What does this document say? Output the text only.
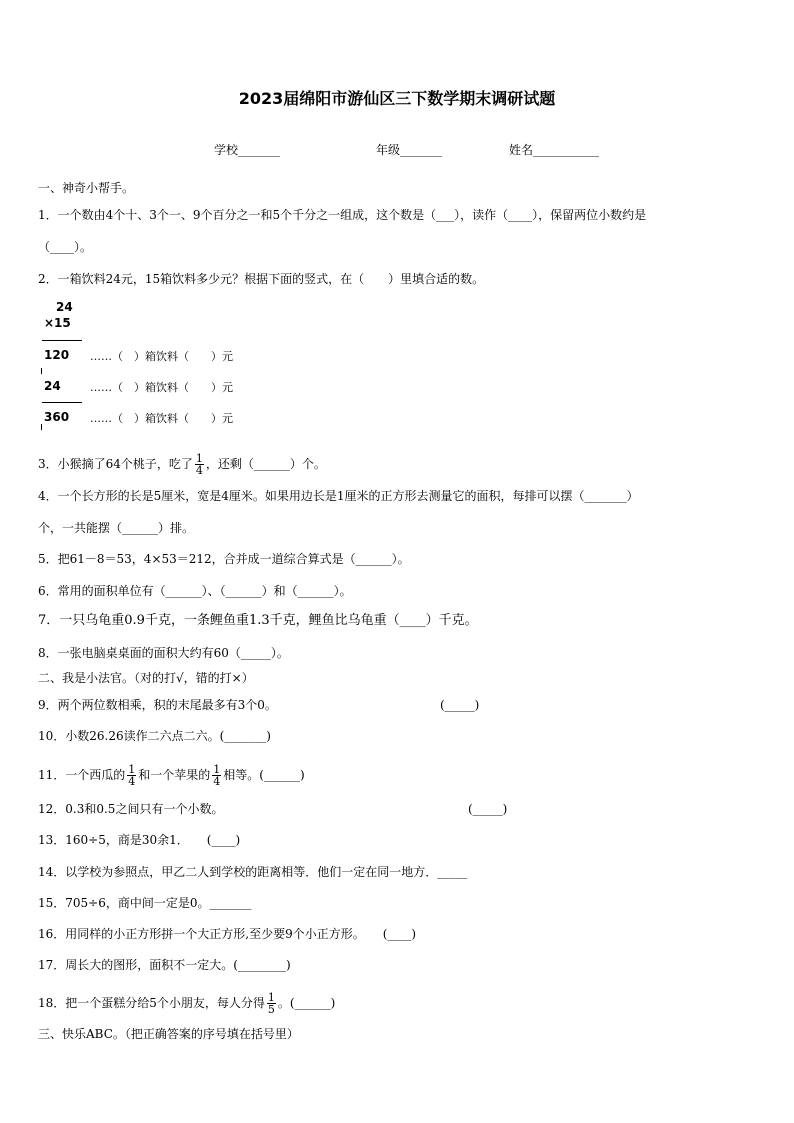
2023届绵阳市游仙区三下数学期末调研试题
学校_______	年级_______	姓名___________
一、神奇小帮手。
1．一个数由4个十、3个一、9个百分之一和5个千分之一组成，这个数是（___），读作（____），保留两位小数约是
（____）。
2．一箱饮料24元，15箱饮料多少元？根据下面的竖式，在（　　）里填合适的数。
24
×15
120 ……（　）箱饮料（　　）元
24	……（　）箱饮料（　　）元
360 ……（　）箱饮料（　　）元
3．小猴摘了64个桃子，吃了 $\frac{1}{4}$ ，还剩（______）个。
4．一个长方形的长是5厘米，宽是4厘米。如果用边长是1厘米的正方形去测量它的面积，每排可以摆（_______）
个，一共能摆（______）排。
5．把61－8＝53，4×53＝212，合并成一道综合算式是（______）。
6．常用的面积单位有（______）、（______）和（______）。
7．一只乌龟重0.9千克，一条鲤鱼重1.3千克，鲤鱼比乌龟重（____）千克。
8．一张电脑桌桌面的面积大约有60（_____）。
二、我是小法官。（对的打√，错的打×）
9．两个两位数相乘，积的末尾最多有3个0。	(_____)
10．小数26.26读作二六点二六。(_______)
11．一个西瓜的 $\frac{1}{4}$ 和一个苹果的 $\frac{1}{4}$ 相等。(______)
12．0.3和0.5之间只有一个小数。	(_____)
13．160÷5，商是30余1．　　(____)
14．以学校为参照点，甲乙二人到学校的距离相等．他们一定在同一地方．_____
15．705÷6，商中间一定是0。_______
16．用同样的小正方形拼一个大正方形,至少要9个小正方形。　　(____)
17．周长大的图形，面积不一定大。(________)
18．把一个蛋糕分给5个小朋友，每人分得 $\frac{1}{5}$ 。(______)
三、快乐ABC。（把正确答案的序号填在括号里）
